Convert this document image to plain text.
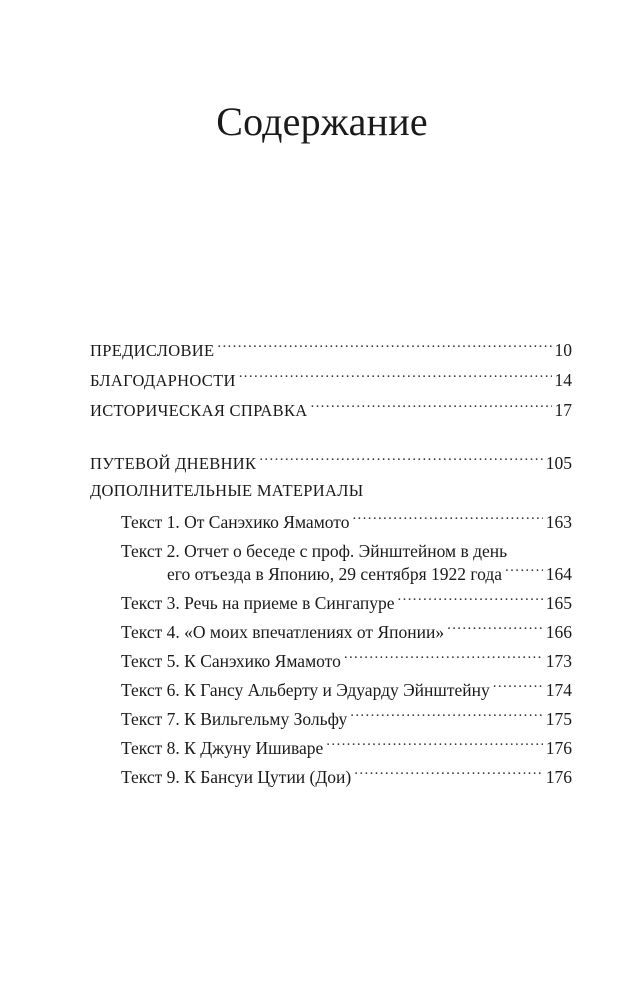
Содержание
ПРЕДИСЛОВИЕ . . .	10
БЛАГОДАРНОСТИ . . .	14
ИСТОРИЧЕСКАЯ СПРАВКА . . .	17
ПУТЕВОЙ ДНЕВНИК . . .	105
ДОПОЛНИТЕЛЬНЫЕ МАТЕРИАЛЫ
Текст 1. От Санэхико Ямамото . . .	163
Текст 2. Отчет о беседе с проф. Эйнштейном в день
его отъезда в Японию, 29 сентября 1922 года . . . 164
Текст 3. Речь на приеме в Сингапуре . . .	165
Текст 4. «О моих впечатлениях от Японии» . . .	166
Текст 5. К Санэхико Ямамото . . .	173
Текст 6. К Гансу Альберту и Эдуарду Эйнштейну . . .	174
Текст 7. К Вильгельму Зольфу . . .	175
Текст 8. К Джуну Ишиваре . . .	176
Текст 9. К Бансуи Цутии (Дои) . . .	176
